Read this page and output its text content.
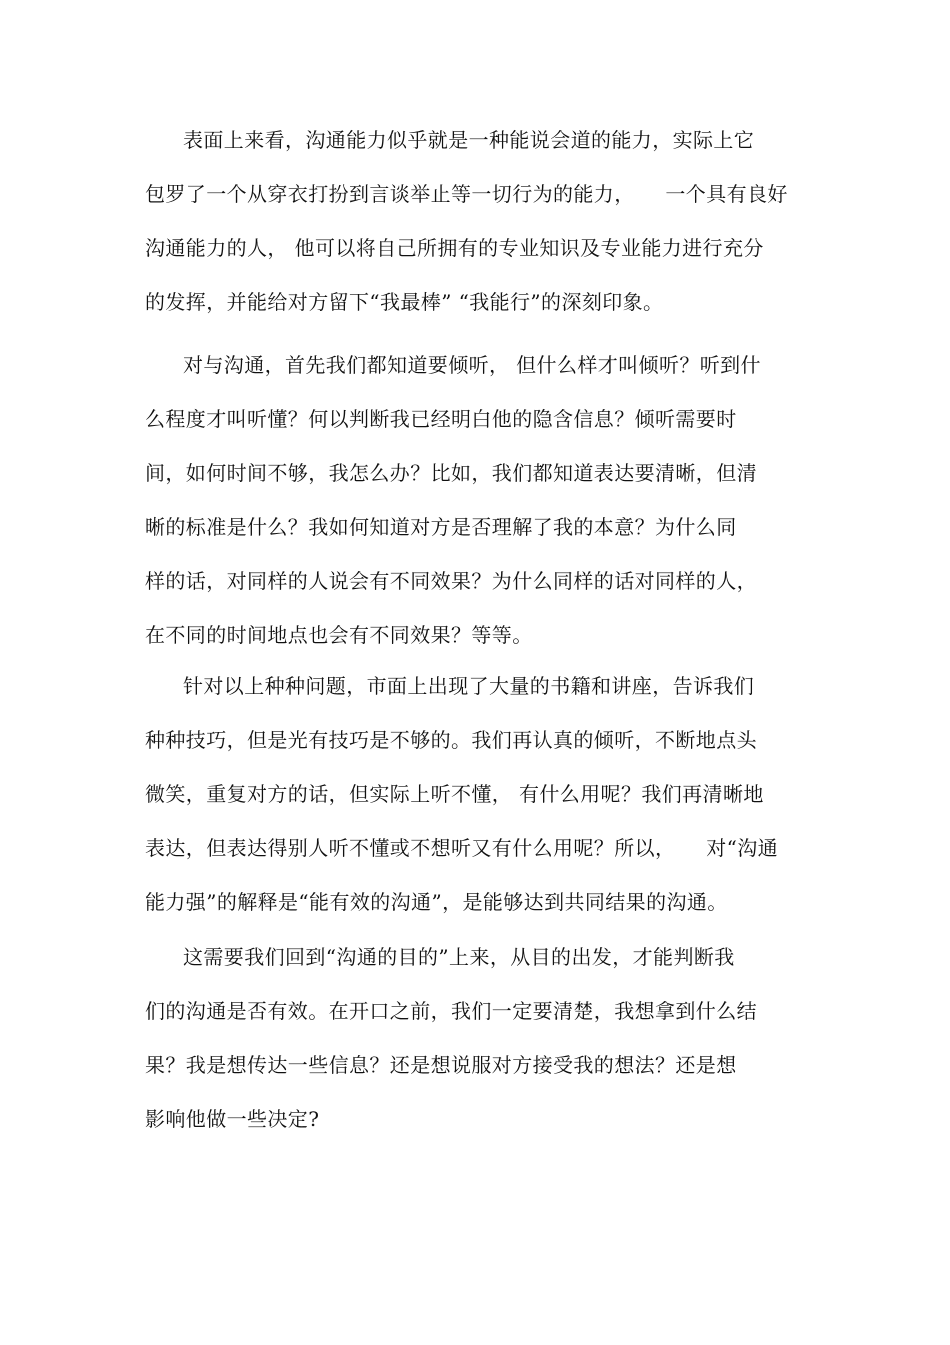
表面上来看，沟通能力似乎就是一种能说会道的能力，实际上它
包罗了一个从穿衣打扮到言谈举止等一切行为的能力，　　一个具有良好
沟通能力的人， 他可以将自己所拥有的专业知识及专业能力进行充分
的发挥，并能给对方留下“我最棒” “我能行”的深刻印象。
对与沟通，首先我们都知道要倾听， 但什么样才叫倾听？听到什
么程度才叫听懂？何以判断我已经明白他的隐含信息？倾听需要时
间，如何时间不够，我怎么办？比如，我们都知道表达要清晰，但清
晰的标准是什么？我如何知道对方是否理解了我的本意？为什么同
样的话，对同样的人说会有不同效果？为什么同样的话对同样的人，
在不同的时间地点也会有不同效果？等等。
针对以上种种问题，市面上出现了大量的书籍和讲座，告诉我们
种种技巧，但是光有技巧是不够的。我们再认真的倾听，不断地点头
微笑，重复对方的话，但实际上听不懂， 有什么用呢？我们再清晰地
表达，但表达得别人听不懂或不想听又有什么用呢？所以，　　对“沟通
能力强”的解释是“能有效的沟通”，是能够达到共同结果的沟通。
这需要我们回到“沟通的目的”上来，从目的出发，才能判断我
们的沟通是否有效。在开口之前，我们一定要清楚，我想拿到什么结
果？我是想传达一些信息？还是想说服对方接受我的想法？还是想
影响他做一些决定?
